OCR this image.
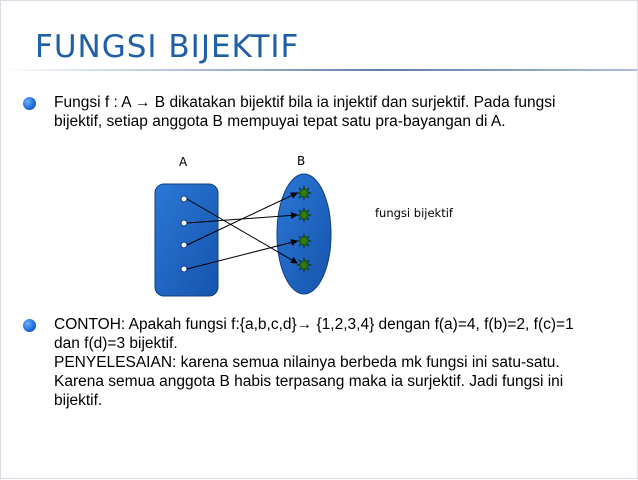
FUNGSI BIJEKTIF
Fungsi f : A → B dikatakan bijektif bila ia injektif dan surjektif. Pada fungsi bijektif, setiap anggota B mempuyai tepat satu pra-bayangan di A.
A	B
fungsi bijektif

CONTOH: Apakah fungsi f:{a,b,c,d}→ {1,2,3,4} dengan f(a)=4, f(b)=2, f(c)=1 dan f(d)=3 bijektif.

PENYELESAIAN: karena semua nilainya berbeda mk fungsi ini satu-satu. Karena semua anggota B habis terpasang maka ia surjektif. Jadi fungsi ini bijektif.
